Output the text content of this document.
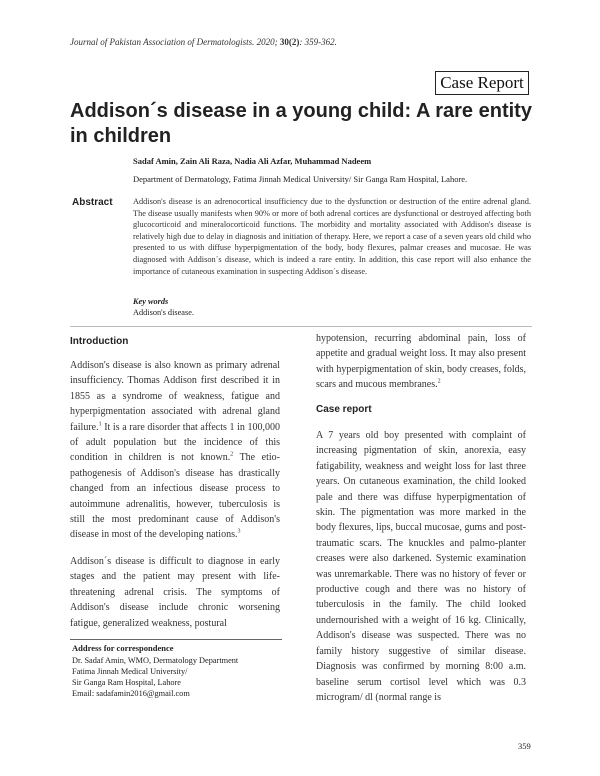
Journal of Pakistan Association of Dermatologists. 2020; 30(2): 359-362.
Case Report
Addison´s disease in a young child: A rare entity in children
Sadaf Amin, Zain Ali Raza, Nadia Ali Azfar, Muhammad Nadeem
Department of Dermatology, Fatima Jinnah Medical University/ Sir Ganga Ram Hospital, Lahore.
Abstract Addison's disease is an adrenocortical insufficiency due to the dysfunction or destruction of the entire adrenal gland. The disease usually manifests when 90% or more of both adrenal cortices are dysfunctional or destroyed affecting both glucocorticoid and mineralocorticoid functions. The morbidity and mortality associated with Addison's disease is relatively high due to delay in diagnosis and initiation of therapy. Here, we report a case of a seven years old child who presented to us with diffuse hyperpigmentation of the body, body flexures, palmar creases and mucosae. He was diagnosed with Addison´s disease, which is indeed a rare entity. In addition, this case report will also enhance the importance of cutaneous examination in suspecting Addison´s disease.

Key words
Addison's disease.
Introduction

Addison's disease is also known as primary adrenal insufficiency. Thomas Addison first described it in 1855 as a syndrome of weakness, fatigue and hyperpigmentation associated with adrenal gland failure.$^1$ It is a rare disorder that affects 1 in 100,000 of adult population but the incidence of this condition in children is not known.$^2$ The etio-pathogenesis of Addison's disease has drastically changed from an infectious disease process to autoimmune adrenalitis, however, tuberculosis is still the most predominant cause of Addison's disease in most of the developing nations.$^3$

Addison´s disease is difficult to diagnose in early stages and the patient may present with life-threatening adrenal crisis. The symptoms of Addison's disease include chronic worsening fatigue, generalized weakness, postural

Address for correspondence
Dr. Sadaf Amin, WMO, Dermatology Department
Fatima Jinnah Medical University/
Sir Ganga Ram Hospital, Lahore
Email: sadafamin2016@gmail.com

hypotension, recurring abdominal pain, loss of appetite and gradual weight loss. It may also present with hyperpigmentation of skin, body creases, folds, scars and mucous membranes.$^2$

Case report

A 7 years old boy presented with complaint of increasing pigmentation of skin, anorexia, easy fatigability, weakness and weight loss for last three years. On cutaneous examination, the child looked pale and there was diffuse hyperpigmentation of skin. The pigmentation was more marked in the body flexures, lips, buccal mucosae, gums and post-traumatic scars. The knuckles and palmo-planter creases were also darkened. Systemic examination was unremarkable. There was no history of fever or productive cough and there was no history of tuberculosis in the family. The child looked undernourished with a weight of 16 kg. Clinically, Addison's disease was suspected. There was no family history suggestive of similar disease. Diagnosis was confirmed by morning 8:00 a.m. baseline serum cortisol level which was 0.3 microgram/ dl (normal range is

359
